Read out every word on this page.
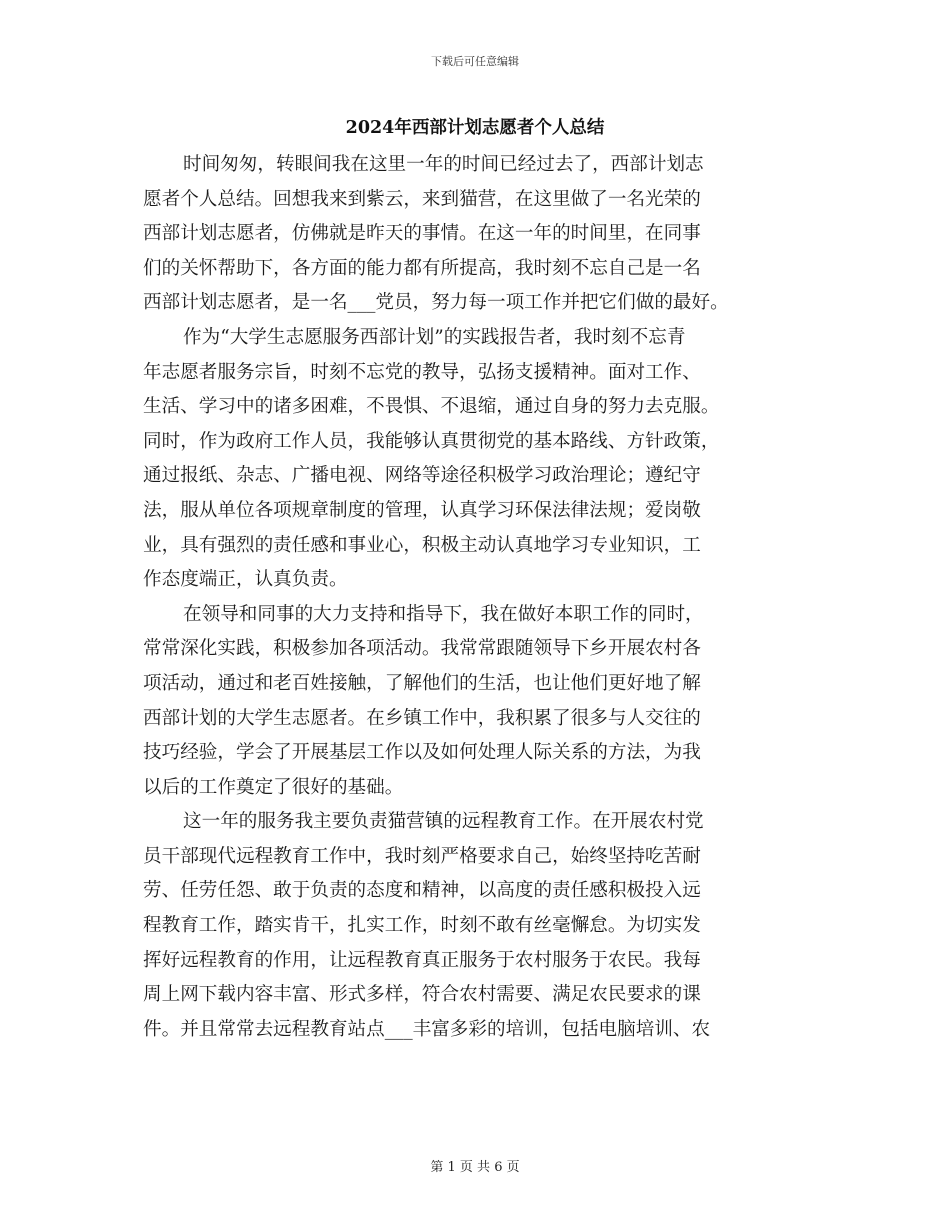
下载后可任意编辑
2024年西部计划志愿者个人总结
时间匆匆，转眼间我在这里一年的时间已经过去了，西部计划志
愿者个人总结。回想我来到紫云，来到猫营，在这里做了一名光荣的
西部计划志愿者，仿佛就是昨天的事情。在这一年的时间里，在同事
们的关怀帮助下，各方面的能力都有所提高，我时刻不忘自己是一名
西部计划志愿者，是一名___党员，努力每一项工作并把它们做的最好。
作为“大学生志愿服务西部计划”的实践报告者，我时刻不忘青
年志愿者服务宗旨，时刻不忘党的教导，弘扬支援精神。面对工作、
生活、学习中的诸多困难，不畏惧、不退缩，通过自身的努力去克服。
同时，作为政府工作人员，我能够认真贯彻党的基本路线、方针政策，
通过报纸、杂志、广播电视、网络等途径积极学习政治理论；遵纪守
法，服从单位各项规章制度的管理，认真学习环保法律法规；爱岗敬
业，具有强烈的责任感和事业心，积极主动认真地学习专业知识，工
作态度端正，认真负责。
在领导和同事的大力支持和指导下，我在做好本职工作的同时，
常常深化实践，积极参加各项活动。我常常跟随领导下乡开展农村各
项活动，通过和老百姓接触，了解他们的生活，也让他们更好地了解
西部计划的大学生志愿者。在乡镇工作中，我积累了很多与人交往的
技巧经验，学会了开展基层工作以及如何处理人际关系的方法，为我
以后的工作奠定了很好的基础。
这一年的服务我主要负责猫营镇的远程教育工作。在开展农村党
员干部现代远程教育工作中，我时刻严格要求自己，始终坚持吃苦耐
劳、任劳任怨、敢于负责的态度和精神，以高度的责任感积极投入远
程教育工作，踏实肯干，扎实工作，时刻不敢有丝毫懈怠。为切实发
挥好远程教育的作用，让远程教育真正服务于农村服务于农民。我每
周上网下载内容丰富、形式多样，符合农村需要、满足农民要求的课
件。并且常常去远程教育站点___丰富多彩的培训，包括电脑培训、农
第 1 页 共 6 页
